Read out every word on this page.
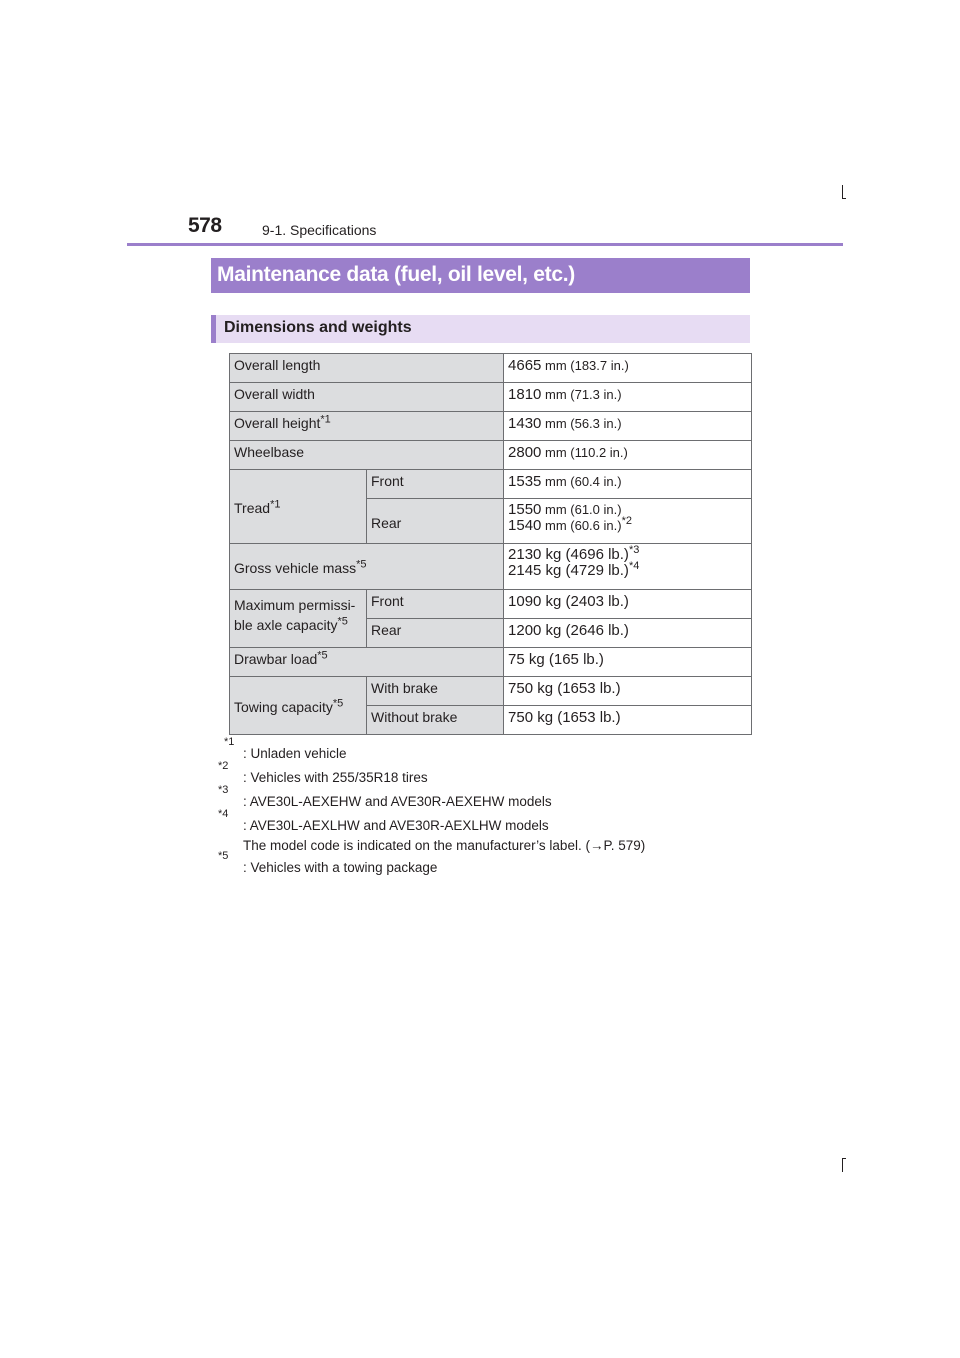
578	9-1. Specifications
Maintenance data (fuel, oil level, etc.)
Dimensions and weights
Overall length		4665 mm (183.7 in.)
Overall width		1810 mm (71.3 in.)
Overall height$^{*1}$		1430 mm (56.3 in.)
Wheelbase		2800 mm (110.2 in.)
Tread$^{*1}$	Front	1535 mm (60.4 in.)
	Rear	1550 mm (61.0 in.)
1540 mm (60.6 in.)$^{*2}$
Gross vehicle mass$^{*5}$		2130 kg (4696 lb.)$^{*3}$
2145 kg (4729 lb.)$^{*4}$
Maximum permissi-
ble axle capacity$^{*5}$	Front	1090 kg (2403 lb.)
	Rear	1200 kg (2646 lb.)
Drawbar load$^{*5}$		75 kg (165 lb.)
Towing capacity$^{*5}$	With brake	750 kg (1653 lb.)
	Without brake	750 kg (1653 lb.)
*1
: Unladen vehicle
*2
: Vehicles with 255/35R18 tires
*3
: AVE30L-AEXEHW and AVE30R-AEXEHW models
*4
: AVE30L-AEXLHW and AVE30R-AEXLHW models
The model code is indicated on the manufacturer’s label. (→P. 579)
*5
: Vehicles with a towing package
